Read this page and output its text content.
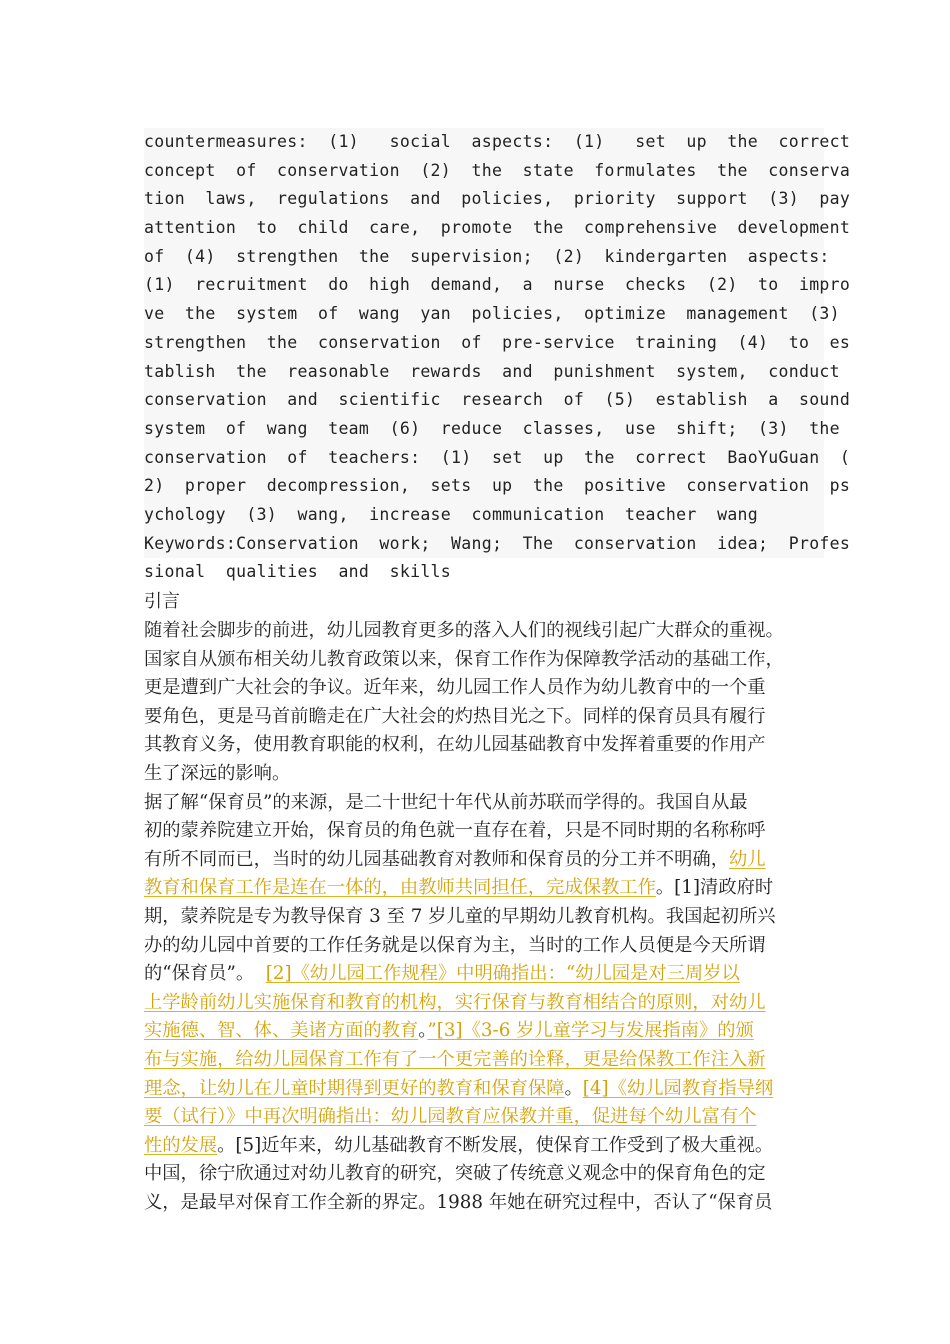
countermeasures:  (1)   social  aspects:  (1)   set  up  the  correct
concept  of  conservation  (2)  the  state  formulates  the  conserva
tion  laws,  regulations  and  policies,  priority  support  (3)  pay
attention  to  child  care,  promote  the  comprehensive  development
of  (4)  strengthen  the  supervision;  (2)  kindergarten  aspects:
(1)  recruitment  do  high  demand,  a  nurse  checks  (2)  to  impro
ve  the  system  of  wang  yan  policies,  optimize  management  (3)
strengthen  the  conservation  of  pre-service  training  (4)  to  es
tablish  the  reasonable  rewards  and  punishment  system,  conduct
conservation  and  scientific  research  of  (5)  establish  a  sound
system  of  wang  team  (6)  reduce  classes,  use  shift;  (3)  the
conservation  of  teachers:  (1)  set  up  the  correct  BaoYuGuan  (
2)  proper  decompression,  sets  up  the  positive  conservation  ps
ychology  (3)  wang,  increase  communication  teacher  wang
Keywords:Conservation  work;  Wang;  The  conservation  idea;  Profes
sional  qualities  and  skills
引言
随着社会脚步的前进，幼儿园教育更多的落入人们的视线引起广大群众的重视。
国家自从颁布相关幼儿教育政策以来，保育工作作为保障教学活动的基础工作，
更是遭到广大社会的争议。近年来，幼儿园工作人员作为幼儿教育中的一个重
要角色，更是马首前瞻走在广大社会的灼热目光之下。同样的保育员具有履行
其教育义务，使用教育职能的权利，在幼儿园基础教育中发挥着重要的作用产
生了深远的影响。
据了解“保育员”的来源，是二十世纪十年代从前苏联而学得的。我国自从最
初的蒙养院建立开始，保育员的角色就一直存在着，只是不同时期的名称称呼
有所不同而已，当时的幼儿园基础教育对教师和保育员的分工并不明确，幼儿
教育和保育工作是连在一体的，由教师共同担任，完成保教工作。[1]清政府时
期，蒙养院是专为教导保育 3 至 7 岁儿童的早期幼儿教育机构。我国起初所兴
办的幼儿园中首要的工作任务就是以保育为主，当时的工作人员便是今天所谓
的“保育员”。  [2]《幼儿园工作规程》中明确指出：“幼儿园是对三周岁以
上学龄前幼儿实施保育和教育的机构，实行保育与教育相结合的原则，对幼儿
实施德、智、体、美诸方面的教育。”[3]《3-6 岁儿童学习与发展指南》的颁
布与实施，给幼儿园保育工作有了一个更完善的诠释，更是给保教工作注入新
理念，让幼儿在儿童时期得到更好的教育和保育保障。[4]《幼儿园教育指导纲
要（试行）》中再次明确指出：幼儿园教育应保教并重，促进每个幼儿富有个
性的发展。[5]近年来，幼儿基础教育不断发展，使保育工作受到了极大重视。
中国，徐宁欣通过对幼儿教育的研究，突破了传统意义观念中的保育角色的定
义，是最早对保育工作全新的界定。1988 年她在研究过程中，否认了“保育员
